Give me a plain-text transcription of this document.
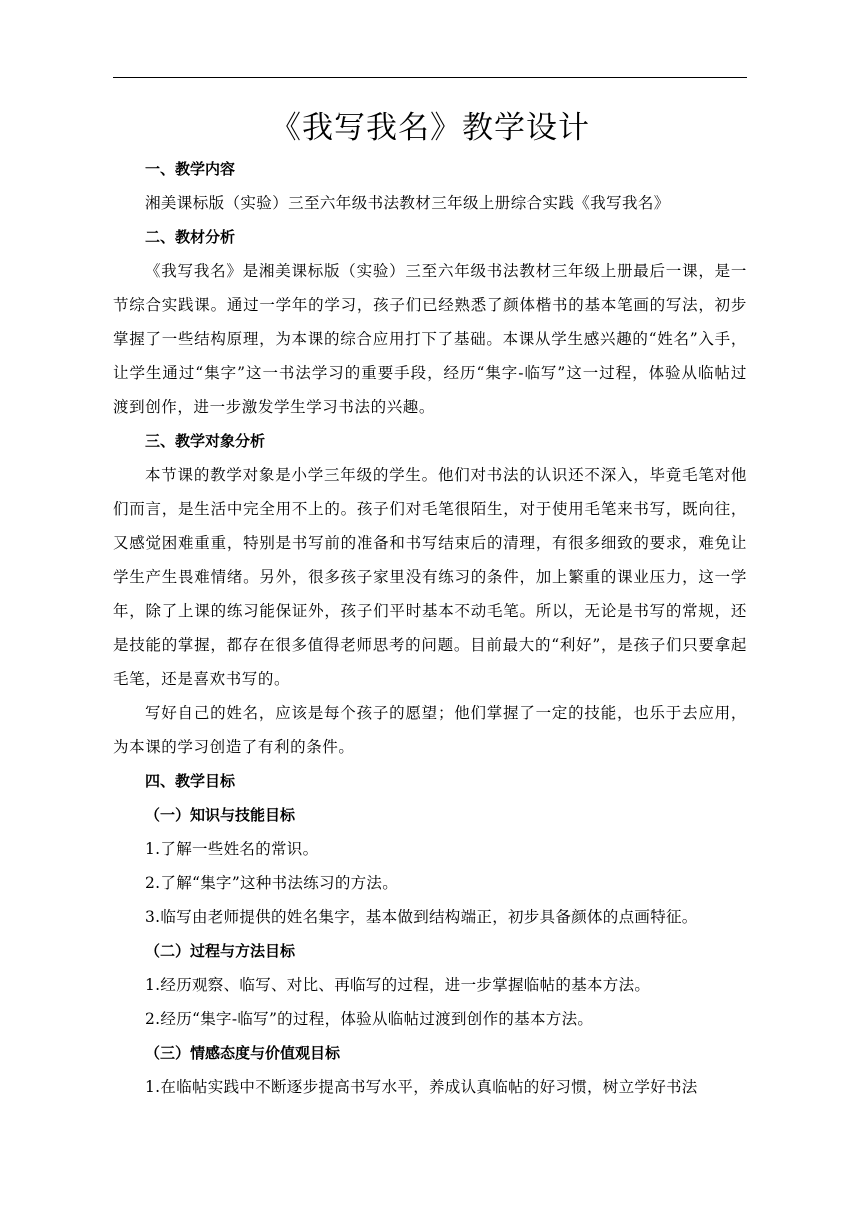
《我写我名》教学设计

一、教学内容

湘美课标版（实验）三至六年级书法教材三年级上册综合实践《我写我名》

二、教材分析

《我写我名》是湘美课标版（实验）三至六年级书法教材三年级上册最后一课，是一节综合实践课。通过一学年的学习，孩子们已经熟悉了颜体楷书的基本笔画的写法，初步掌握了一些结构原理，为本课的综合应用打下了基础。本课从学生感兴趣的“姓名”入手，让学生通过“集字”这一书法学习的重要手段，经历“集字-临写”这一过程，体验从临帖过渡到创作，进一步激发学生学习书法的兴趣。

三、教学对象分析

本节课的教学对象是小学三年级的学生。他们对书法的认识还不深入，毕竟毛笔对他们而言，是生活中完全用不上的。孩子们对毛笔很陌生，对于使用毛笔来书写，既向往，又感觉困难重重，特别是书写前的准备和书写结束后的清理，有很多细致的要求，难免让学生产生畏难情绪。另外，很多孩子家里没有练习的条件，加上繁重的课业压力，这一学年，除了上课的练习能保证外，孩子们平时基本不动毛笔。所以，无论是书写的常规，还是技能的掌握，都存在很多值得老师思考的问题。目前最大的“利好”，是孩子们只要拿起毛笔，还是喜欢书写的。

写好自己的姓名，应该是每个孩子的愿望；他们掌握了一定的技能，也乐于去应用，为本课的学习创造了有利的条件。

四、教学目标

（一）知识与技能目标

1.了解一些姓名的常识。

2.了解“集字”这种书法练习的方法。

3.临写由老师提供的姓名集字，基本做到结构端正，初步具备颜体的点画特征。

（二）过程与方法目标

1.经历观察、临写、对比、再临写的过程，进一步掌握临帖的基本方法。

2.经历“集字-临写”的过程，体验从临帖过渡到创作的基本方法。

（三）情感态度与价值观目标

1.在临帖实践中不断逐步提高书写水平，养成认真临帖的好习惯，树立学好书法
